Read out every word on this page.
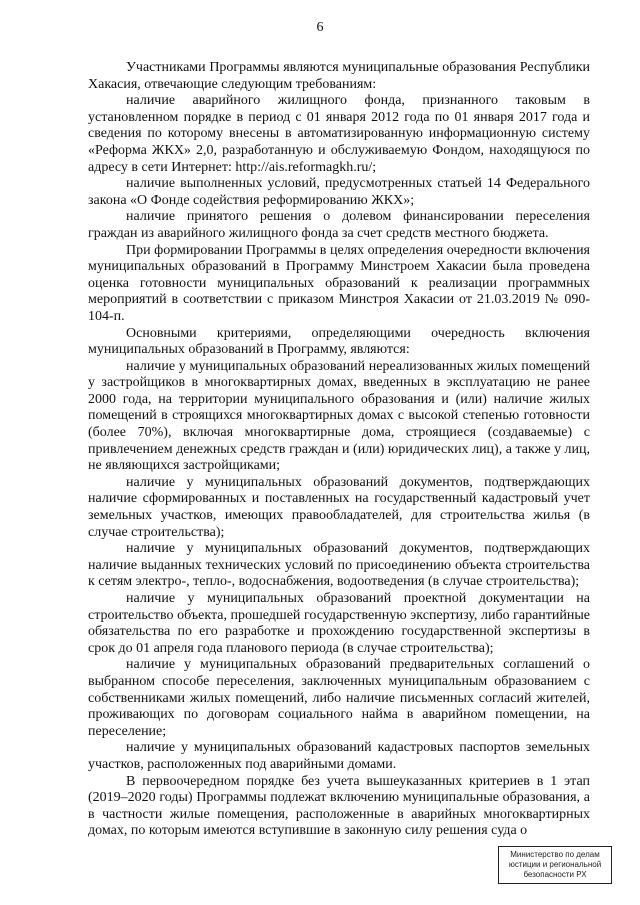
6

Участниками Программы являются муниципальные образования Республики Хакасия, отвечающие следующим требованиям:

наличие аварийного жилищного фонда, признанного таковым в установленном порядке в период с 01 января 2012 года по 01 января 2017 года и сведения по которому внесены в автоматизированную информационную систему «Реформа ЖКХ» 2,0, разработанную и обслуживаемую Фондом, находящуюся по адресу в сети Интернет: http://ais.reformagkh.ru/;

наличие выполненных условий, предусмотренных статьей 14 Федерального закона «О Фонде содействия реформированию ЖКХ»;

наличие принятого решения о долевом финансировании переселения граждан из аварийного жилищного фонда за счет средств местного бюджета.

При формировании Программы в целях определения очередности включения муниципальных образований в Программу Минстроем Хакасии была проведена оценка готовности муниципальных образований к реализации программных мероприятий в соответствии с приказом Минстроя Хакасии от 21.03.2019 № 090-104-п.

Основными критериями, определяющими очередность включения муниципальных образований в Программу, являются:

наличие у муниципальных образований нереализованных жилых помещений у застройщиков в многоквартирных домах, введенных в эксплуатацию не ранее 2000 года, на территории муниципального образования и (или) наличие жилых помещений в строящихся многоквартирных домах с высокой степенью готовности (более 70%), включая многоквартирные дома, строящиеся (создаваемые) с привлечением денежных средств граждан и (или) юридических лиц), а также у лиц, не являющихся застройщиками;

наличие у муниципальных образований документов, подтверждающих наличие сформированных и поставленных на государственный кадастровый учет земельных участков, имеющих правообладателей, для строительства жилья (в случае строительства);

наличие у муниципальных образований документов, подтверждающих наличие выданных технических условий по присоединению объекта строительства к сетям электро-, тепло-, водоснабжения, водоотведения (в случае строительства);

наличие у муниципальных образований проектной документации на строительство объекта, прошедшей государственную экспертизу, либо гарантийные обязательства по его разработке и прохождению государственной экспертизы в срок до 01 апреля года планового периода (в случае строительства);

наличие у муниципальных образований предварительных соглашений о выбранном способе переселения, заключенных муниципальным образованием с собственниками жилых помещений, либо наличие письменных согласий жителей, проживающих по договорам социального найма в аварийном помещении, на переселение;

наличие у муниципальных образований кадастровых паспортов земельных участков, расположенных под аварийными домами.

В первоочередном порядке без учета вышеуказанных критериев в 1 этап (2019–2020 годы) Программы подлежат включению муниципальные образования, а в частности жилые помещения, расположенные в аварийных многоквартирных домах, по которым имеются вступившие в законную силу решения суда о

Министерство по делам
юстиции и региональной
безопасности РХ
